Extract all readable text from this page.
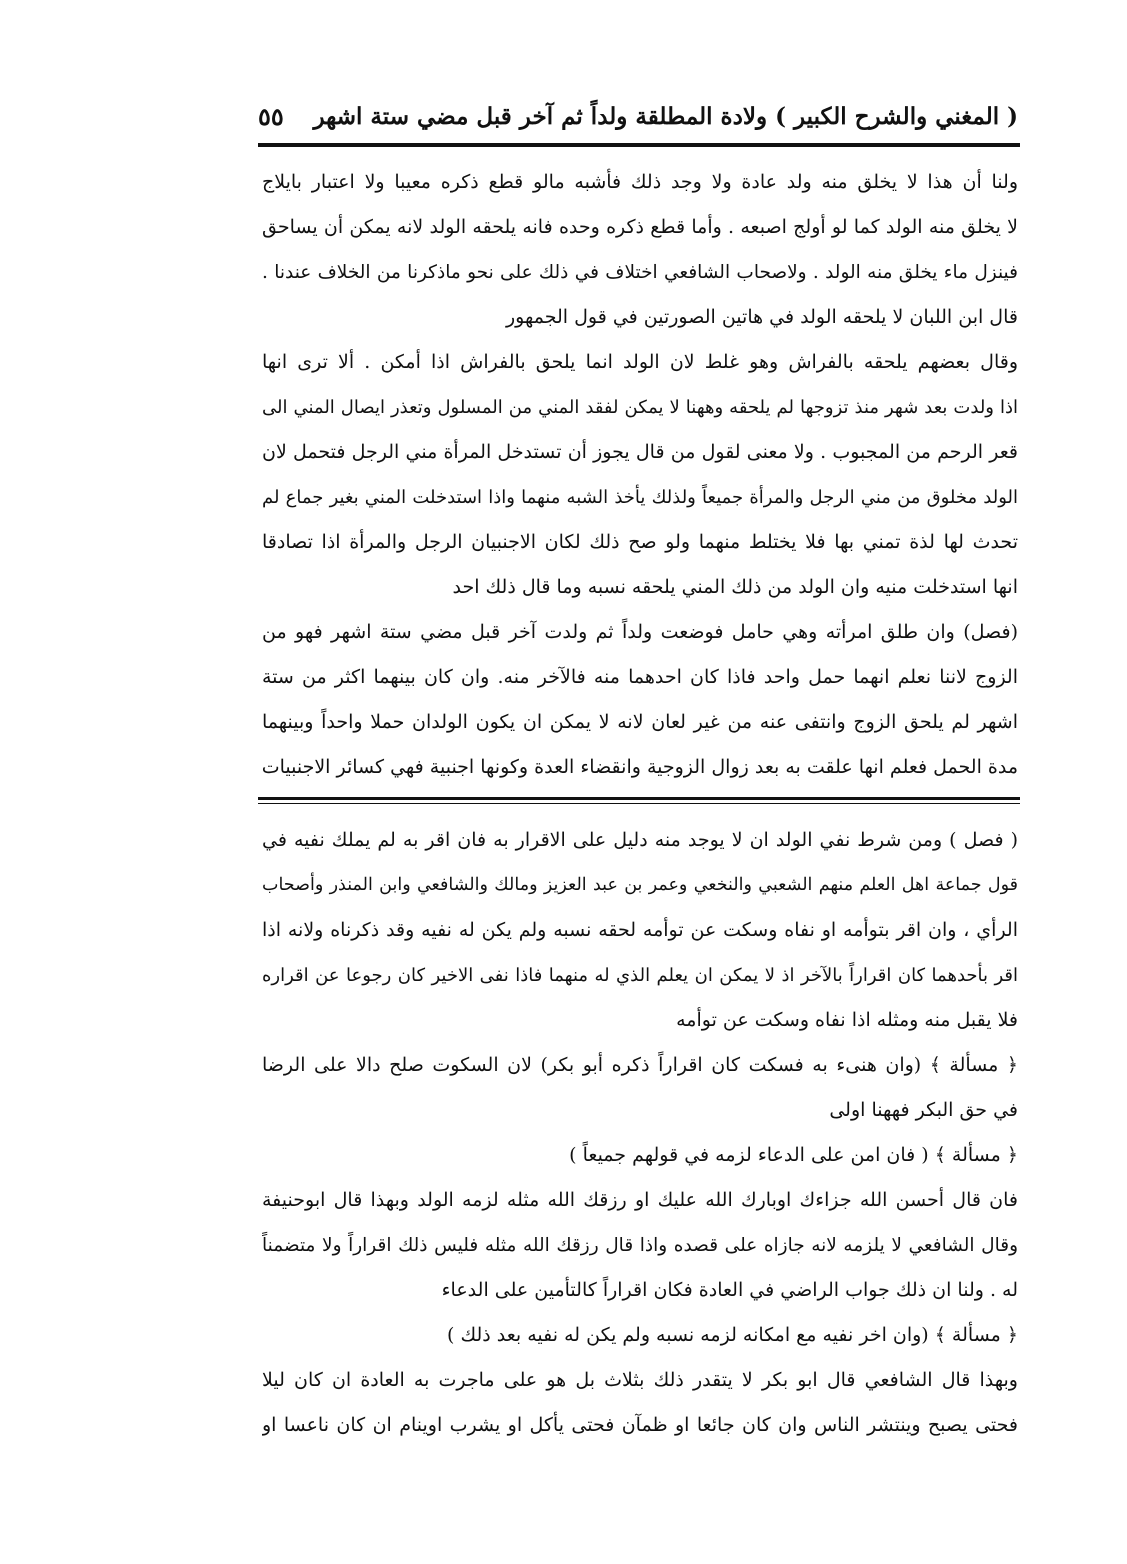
( المغني والشرح الكبير ) ولادة المطلقة ولداً ثم آخر قبل مضي ستة اشهر
٥٥
ولنا أن هذا لا يخلق منه ولد عادة ولا وجد ذلك فأشبه مالو قطع ذكره معيبا ولا اعتبار بايلاج
لا يخلق منه الولد كما لو أولج اصبعه . وأما قطع ذكره وحده فانه يلحقه الولد لانه يمكن أن يساحق
فينزل ماء يخلق منه الولد . ولاصحاب الشافعي اختلاف في ذلك على نحو ماذكرنا من الخلاف عندنا .
قال ابن اللبان لا يلحقه الولد في هاتين الصورتين في قول الجمهور
وقال بعضهم يلحقه بالفراش وهو غلط لان الولد انما يلحق بالفراش اذا أمكن . ألا ترى انها
اذا ولدت بعد شهر منذ تزوجها لم يلحقه وههنا لا يمكن لفقد المني من المسلول وتعذر ايصال المني الى
قعر الرحم من المجبوب . ولا معنى لقول من قال يجوز أن تستدخل المرأة مني الرجل فتحمل لان
الولد مخلوق من مني الرجل والمرأة جميعاً ولذلك يأخذ الشبه منهما واذا استدخلت المني بغير جماع لم
تحدث لها لذة تمني بها فلا يختلط منهما ولو صح ذلك لكان الاجنبيان الرجل والمرأة اذا تصادقا
انها استدخلت منيه وان الولد من ذلك المني يلحقه نسبه وما قال ذلك احد
(فصل) وان طلق امرأته وهي حامل فوضعت ولداً ثم ولدت آخر قبل مضي ستة اشهر فهو من
الزوج لاننا نعلم انهما حمل واحد فاذا كان احدهما منه فالآخر منه. وان كان بينهما اكثر من ستة
اشهر لم يلحق الزوج وانتفى عنه من غير لعان لانه لا يمكن ان يكون الولدان حملا واحداً وبينهما
مدة الحمل فعلم انها علقت به بعد زوال الزوجية وانقضاء العدة وكونها اجنبية فهي كسائر الاجنبيات
( فصل ) ومن شرط نفي الولد ان لا يوجد منه دليل على الاقرار به فان اقر به لم يملك نفيه في
قول جماعة اهل العلم منهم الشعبي والنخعي وعمر بن عبد العزيز ومالك والشافعي وابن المنذر وأصحاب
الرأي ، وان اقر بتوأمه او نفاه وسكت عن توأمه لحقه نسبه ولم يكن له نفيه وقد ذكرناه ولانه اذا
اقر بأحدهما كان اقراراً بالآخر اذ لا يمكن ان يعلم الذي له منهما فاذا نفى الاخير كان رجوعا عن اقراره
فلا يقبل منه ومثله اذا نفاه وسكت عن توأمه
﴿ مسألة ﴾ (وان هنىء به فسكت كان اقراراً ذكره أبو بكر) لان السكوت صلح دالا على الرضا
في حق البكر فههنا اولى
﴿ مسألة ﴾ ( فان امن على الدعاء لزمه في قولهم جميعاً )
فان قال أحسن الله جزاءك اوبارك الله عليك او رزقك الله مثله لزمه الولد وبهذا قال ابوحنيفة
وقال الشافعي لا يلزمه لانه جازاه على قصده واذا قال رزقك الله مثله فليس ذلك اقراراً ولا متضمناً
له . ولنا ان ذلك جواب الراضي في العادة فكان اقراراً كالتأمين على الدعاء
﴿ مسألة ﴾ (وان اخر نفيه مع امكانه لزمه نسبه ولم يكن له نفيه بعد ذلك )
وبهذا قال الشافعي قال ابو بكر لا يتقدر ذلك بثلاث بل هو على ماجرت به العادة ان كان ليلا
فحتى يصبح وينتشر الناس وان كان جائعا او ظمآن فحتى يأكل او يشرب اوينام ان كان ناعسا او
